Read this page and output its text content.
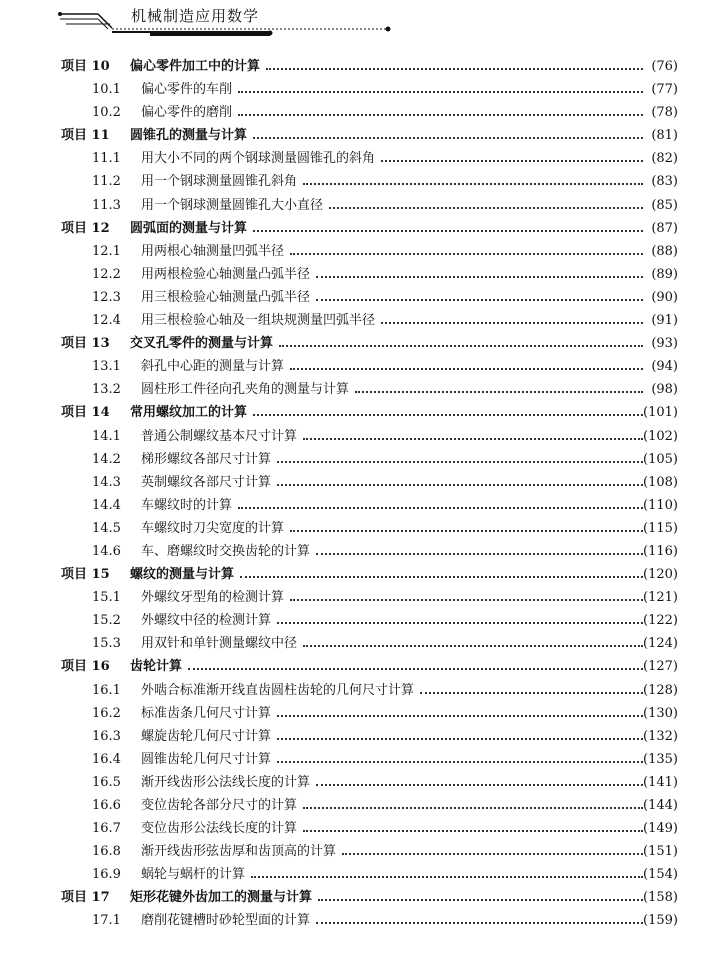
机械制造应用数学
项目 10 偏心零件加工中的计算	(76)
10.1 偏心零件的车削	(77)
10.2 偏心零件的磨削	(78)
项目 11 圆锥孔的测量与计算	(81)
11.1 用大小不同的两个钢球测量圆锥孔的斜角	(82)
11.2 用一个钢球测量圆锥孔斜角	(83)
11.3 用一个钢球测量圆锥孔大小直径	(85)
项目 12 圆弧面的测量与计算	(87)
12.1 用两根心轴测量凹弧半径	(88)
12.2 用两根检验心轴测量凸弧半径	(89)
12.3 用三根检验心轴测量凸弧半径	(90)
12.4 用三根检验心轴及一组块规测量凹弧半径	(91)
项目 13 交叉孔零件的测量与计算	(93)
13.1 斜孔中心距的测量与计算	(94)
13.2 圆柱形工件径向孔夹角的测量与计算	(98)
项目 14 常用螺纹加工的计算	(101)
14.1 普通公制螺纹基本尺寸计算	(102)
14.2 梯形螺纹各部尺寸计算	(105)
14.3 英制螺纹各部尺寸计算	(108)
14.4 车螺纹时的计算	(110)
14.5 车螺纹时刀尖宽度的计算	(115)
14.6 车、磨螺纹时交换齿轮的计算	(116)
项目 15 螺纹的测量与计算	(120)
15.1 外螺纹牙型角的检测计算	(121)
15.2 外螺纹中径的检测计算	(122)
15.3 用双针和单针测量螺纹中径	(124)
项目 16 齿轮计算	(127)
16.1 外啮合标准渐开线直齿圆柱齿轮的几何尺寸计算	(128)
16.2 标准齿条几何尺寸计算	(130)
16.3 螺旋齿轮几何尺寸计算	(132)
16.4 圆锥齿轮几何尺寸计算	(135)
16.5 渐开线齿形公法线长度的计算	(141)
16.6 变位齿轮各部分尺寸的计算	(144)
16.7 变位齿形公法线长度的计算	(149)
16.8 渐开线齿形弦齿厚和齿顶高的计算	(151)
16.9 蜗轮与蜗杆的计算	(154)
项目 17 矩形花键外齿加工的测量与计算	(158)
17.1 磨削花键槽时砂轮型面的计算	(159)
